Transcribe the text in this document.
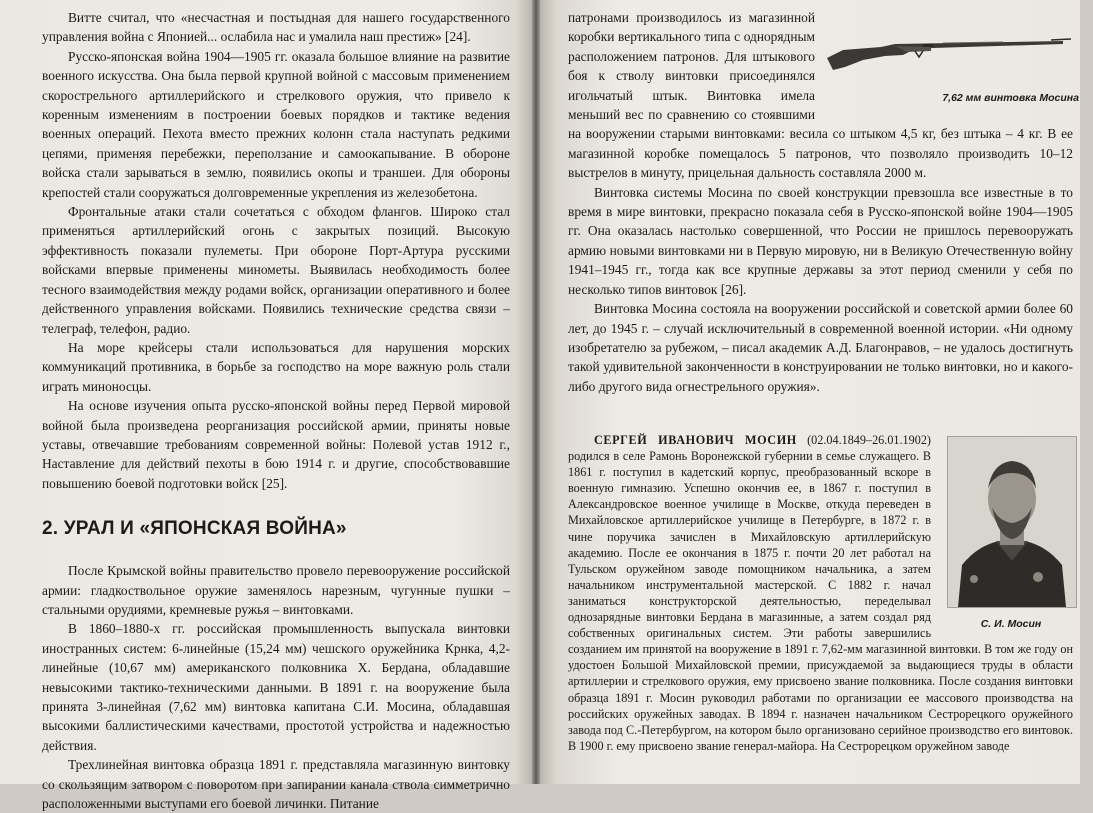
Витте считал, что «несчастная и постыдная для нашего государственного управления война с Японией... ослабила нас и умалила наш престиж» [24].

Русско-японская война 1904—1905 гг. оказала большое влияние на развитие военного искусства. Она была первой крупной войной с массовым применением скорострельного артиллерийского и стрелкового оружия, что привело к коренным изменениям в построении боевых порядков и тактике ведения военных операций. Пехота вместо прежних колонн стала наступать редкими цепями, применяя перебежки, переползание и самоокапывание. В обороне войска стали зарываться в землю, появились окопы и траншеи. Для обороны крепостей стали сооружаться долговременные укрепления из железобетона.

Фронтальные атаки стали сочетаться с обходом флангов. Широко стал применяться артиллерийский огонь с закрытых позиций. Высокую эффективность показали пулеметы. При обороне Порт-Артура русскими войсками впервые применены минометы. Выявилась необходимость более тесного взаимодействия между родами войск, организации оперативного и более действенного управления войсками. Появились технические средства связи – телеграф, телефон, радио.

На море крейсеры стали использоваться для нарушения морских коммуникаций противника, в борьбе за господство на море важную роль стали играть миноносцы.

На основе изучения опыта русско-японской войны перед Первой мировой войной была произведена реорганизация российской армии, приняты новые уставы, отвечавшие требованиям современной войны: Полевой устав 1912 г., Наставление для действий пехоты в бою 1914 г. и другие, способствовавшие повышению боевой подготовки войск [25].

2. УРАЛ И «ЯПОНСКАЯ ВОЙНА»

После Крымской войны правительство провело перевооружение российской армии: гладкоствольное оружие заменялось нарезным, чугунные пушки – стальными орудиями, кремневые ружья – винтовками.

В 1860–1880-х гг. российская промышленность выпускала винтовки иностранных систем: 6-линейные (15,24 мм) чешского оружейника Крнка, 4,2-линейные (10,67 мм) американского полковника Х. Бердана, обладавшие невысокими тактико-техническими данными. В 1891 г. на вооружение была принята 3-линейная (7,62 мм) винтовка капитана С.И. Мосина, обладавшая высокими баллистическими качествами, простотой устройства и надежностью действия.

Трехлинейная винтовка образца 1891 г. представляла магазинную винтовку со скользящим затвором с поворотом при запирании канала ствола симметрично расположенными выступами его боевой личинки. Питание

7,62 мм винтовка Мосина

патронами производилось из магазинной коробки вертикального типа с однорядным расположением патронов. Для штыкового боя к стволу винтовки присоединялся игольчатый штык. Винтовка имела меньший вес по сравнению со стоявшими на вооружении старыми винтовками: весила со штыком 4,5 кг, без штыка – 4 кг. В ее магазинной коробке помещалось 5 патронов, что позволяло производить 10–12 выстрелов в минуту, прицельная дальность составляла 2000 м.

Винтовка системы Мосина по своей конструкции превзошла все известные в то время в мире винтовки, прекрасно показала себя в Русско-японской войне 1904—1905 гг. Она оказалась настолько совершенной, что России не пришлось перевооружать армию новыми винтовками ни в Первую мировую, ни в Великую Отечественную войну 1941–1945 гг., тогда как все крупные державы за этот период сменили у себя по несколько типов винтовок [26].

Винтовка Мосина состояла на вооружении российской и советской армии более 60 лет, до 1945 г. – случай исключительный в современной военной истории. «Ни одному изобретателю за рубежом, – писал академик А.Д. Благонравов, – не удалось достигнуть такой удивительной законченности в конструировании не только винтовки, но и какого-либо другого вида огнестрельного оружия».

С. И. Мосин

СЕРГЕЙ ИВАНОВИЧ МОСИН (02.04.1849–26.01.1902) родился в селе Рамонь Воронежской губернии в семье служащего. В 1861 г. поступил в кадетский корпус, преобразованный вскоре в военную гимназию. Успешно окончив ее, в 1867 г. поступил в Александровское военное училище в Москве, откуда переведен в Михайловское артиллерийское училище в Петербурге, в 1872 г. в чине поручика зачислен в Михайловскую артиллерийскую академию. После ее окончания в 1875 г. почти 20 лет работал на Тульском оружейном заводе помощником начальника, а затем начальником инструментальной мастерской. С 1882 г. начал заниматься конструкторской деятельностью, переделывал однозарядные винтовки Бердана в магазинные, а затем создал ряд собственных оригинальных систем. Эти работы завершились созданием им принятой на вооружение в 1891 г. 7,62-мм магазинной винтовки. В том же году он удостоен Большой Михайловской премии, присуждаемой за выдающиеся труды в области артиллерии и стрелкового оружия, ему присвоено звание полковника. После создания винтовки образца 1891 г. Мосин руководил работами по организации ее массового производства на российских оружейных заводах. В 1894 г. назначен начальником Сестрорецкого оружейного завода под С.-Петербургом, на котором было организовано серийное производство его винтовок. В 1900 г. ему присвоено звание генерал-майора. На Сестрорецком оружейном заводе
